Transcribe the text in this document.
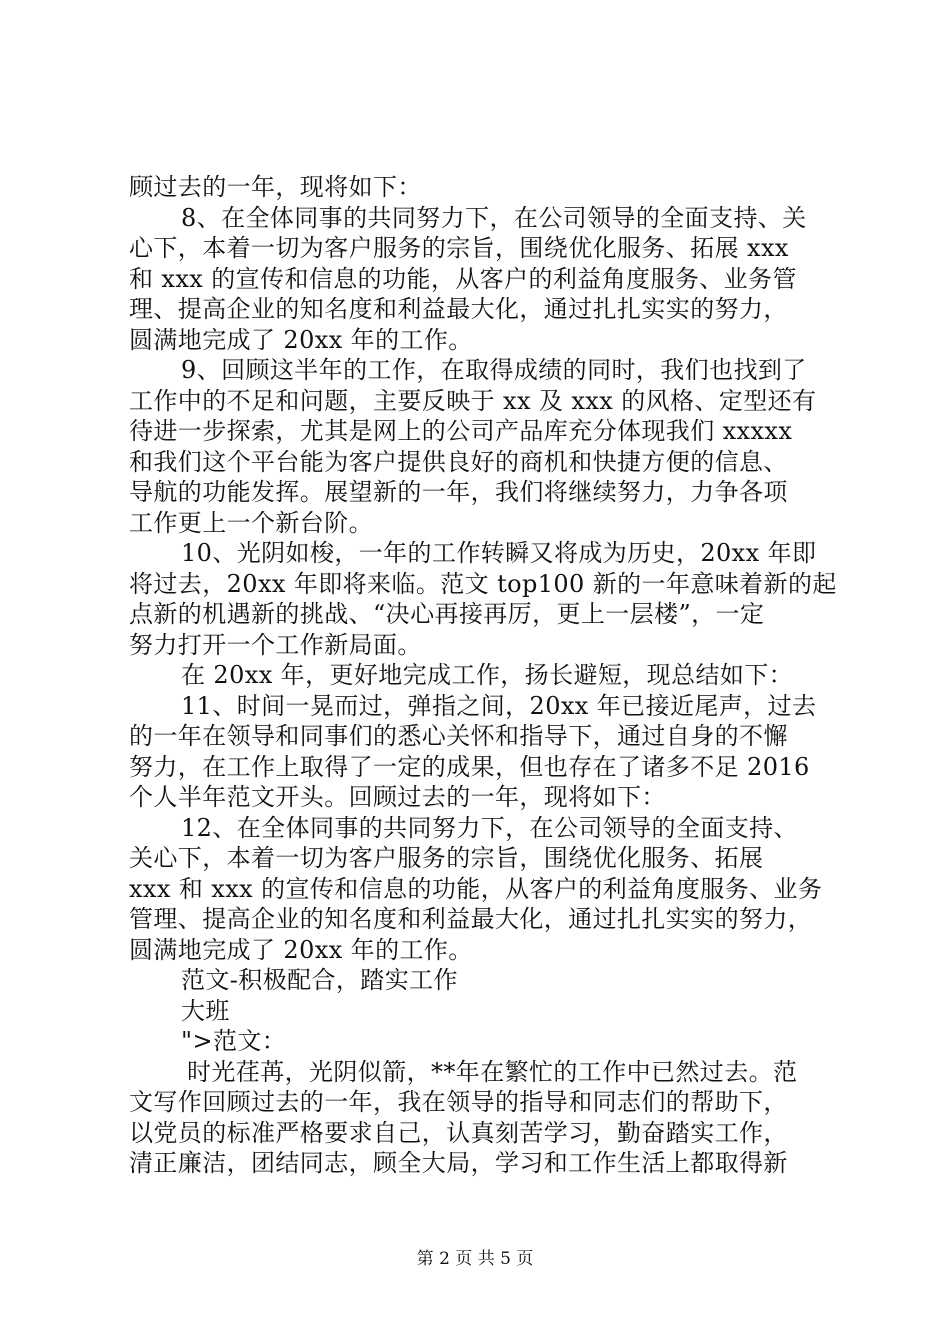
顾过去的一年，现将如下：
8、在全体同事的共同努力下，在公司领导的全面支持、关
心下，本着一切为客户服务的宗旨，围绕优化服务、拓展 xxx
和 xxx 的宣传和信息的功能，从客户的利益角度服务、业务管
理、提高企业的知名度和利益最大化，通过扎扎实实的努力，
圆满地完成了 20xx 年的工作。
9、回顾这半年的工作，在取得成绩的同时，我们也找到了
工作中的不足和问题，主要反映于 xx 及 xxx 的风格、定型还有
待进一步探索，尤其是网上的公司产品库充分体现我们 xxxxx
和我们这个平台能为客户提供良好的商机和快捷方便的信息、
导航的功能发挥。展望新的一年，我们将继续努力，力争各项
工作更上一个新台阶。
10、光阴如梭，一年的工作转瞬又将成为历史，20xx 年即
将过去，20xx 年即将来临。范文 top100 新的一年意味着新的起
点新的机遇新的挑战、“决心再接再厉，更上一层楼”，一定
努力打开一个工作新局面。
在 20xx 年，更好地完成工作，扬长避短，现总结如下：
11、时间一晃而过，弹指之间，20xx 年已接近尾声，过去
的一年在领导和同事们的悉心关怀和指导下，通过自身的不懈
努力，在工作上取得了一定的成果，但也存在了诸多不足 2016
个人半年范文开头。回顾过去的一年，现将如下：
12、在全体同事的共同努力下，在公司领导的全面支持、
关心下，本着一切为客户服务的宗旨，围绕优化服务、拓展
xxx 和 xxx 的宣传和信息的功能，从客户的利益角度服务、业务
管理、提高企业的知名度和利益最大化，通过扎扎实实的努力，
圆满地完成了 20xx 年的工作。
范文-积极配合，踏实工作
大班
">范文：
时光荏苒，光阴似箭，**年在繁忙的工作中已然过去。范
文写作回顾过去的一年，我在领导的指导和同志们的帮助下，
以党员的标准严格要求自己，认真刻苦学习，勤奋踏实工作，
清正廉洁，团结同志，顾全大局，学习和工作生活上都取得新
第 2 页 共 5 页
